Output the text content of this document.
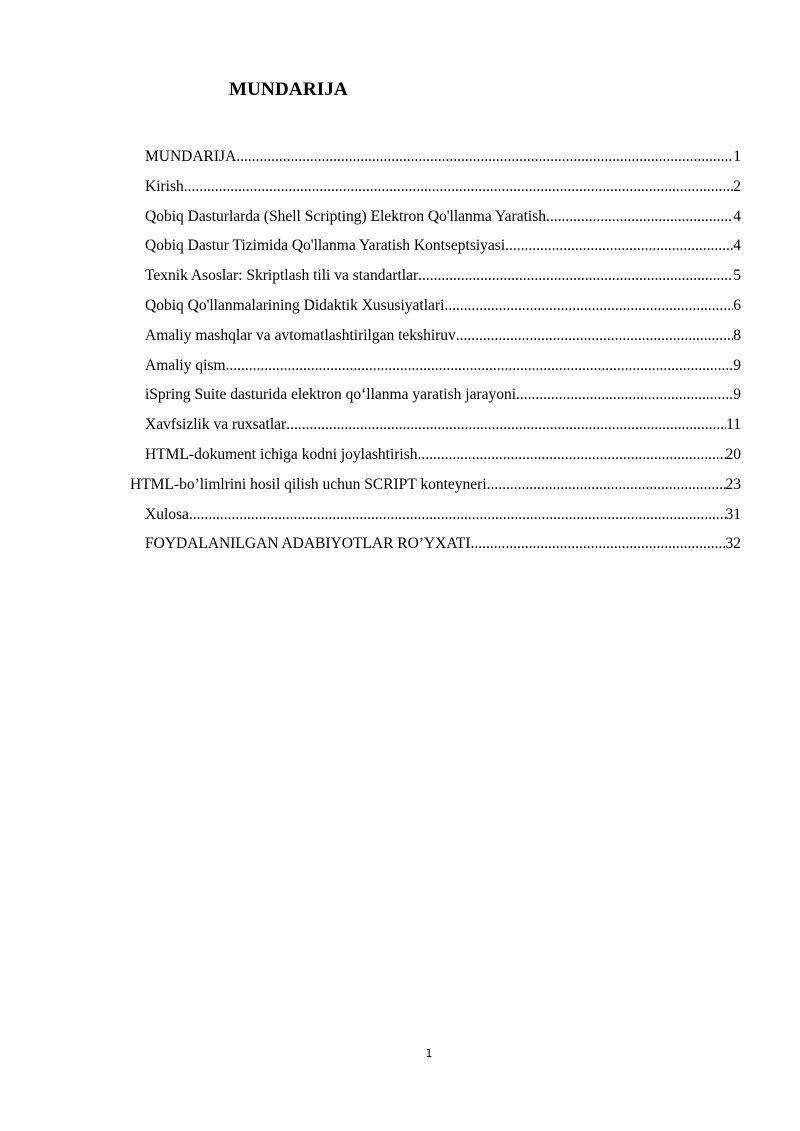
MUNDARIJA
MUNDARIJA .....	1
Kirish .....	2
Qobiq Dasturlarda (Shell Scripting) Elektron Qo'llanma Yaratish .....	4
Qobiq Dastur Tizimida Qo'llanma Yaratish Kontseptsiyasi .....	4
Texnik Asoslar: Skriptlash tili va standartlar .....	5
Qobiq Qo'llanmalarining Didaktik Xususiyatlari .....	6
Amaliy mashqlar va avtomatlashtirilgan tekshiruv .....	8
Amaliy qism .....	9
iSpring Suite dasturida elektron qo‘llanma yaratish jarayoni .....	9
Xavfsizlik va ruxsatlar .....	11
HTML-dokument ichiga kodni joylashtirish .....	20
HTML-bo’limlrini hosil qilish uchun SCRIPT konteyneri .....	23
Xulosa .....	31
FOYDALANILGAN ADABIYOTLAR RO’YXATI .....	32
1
